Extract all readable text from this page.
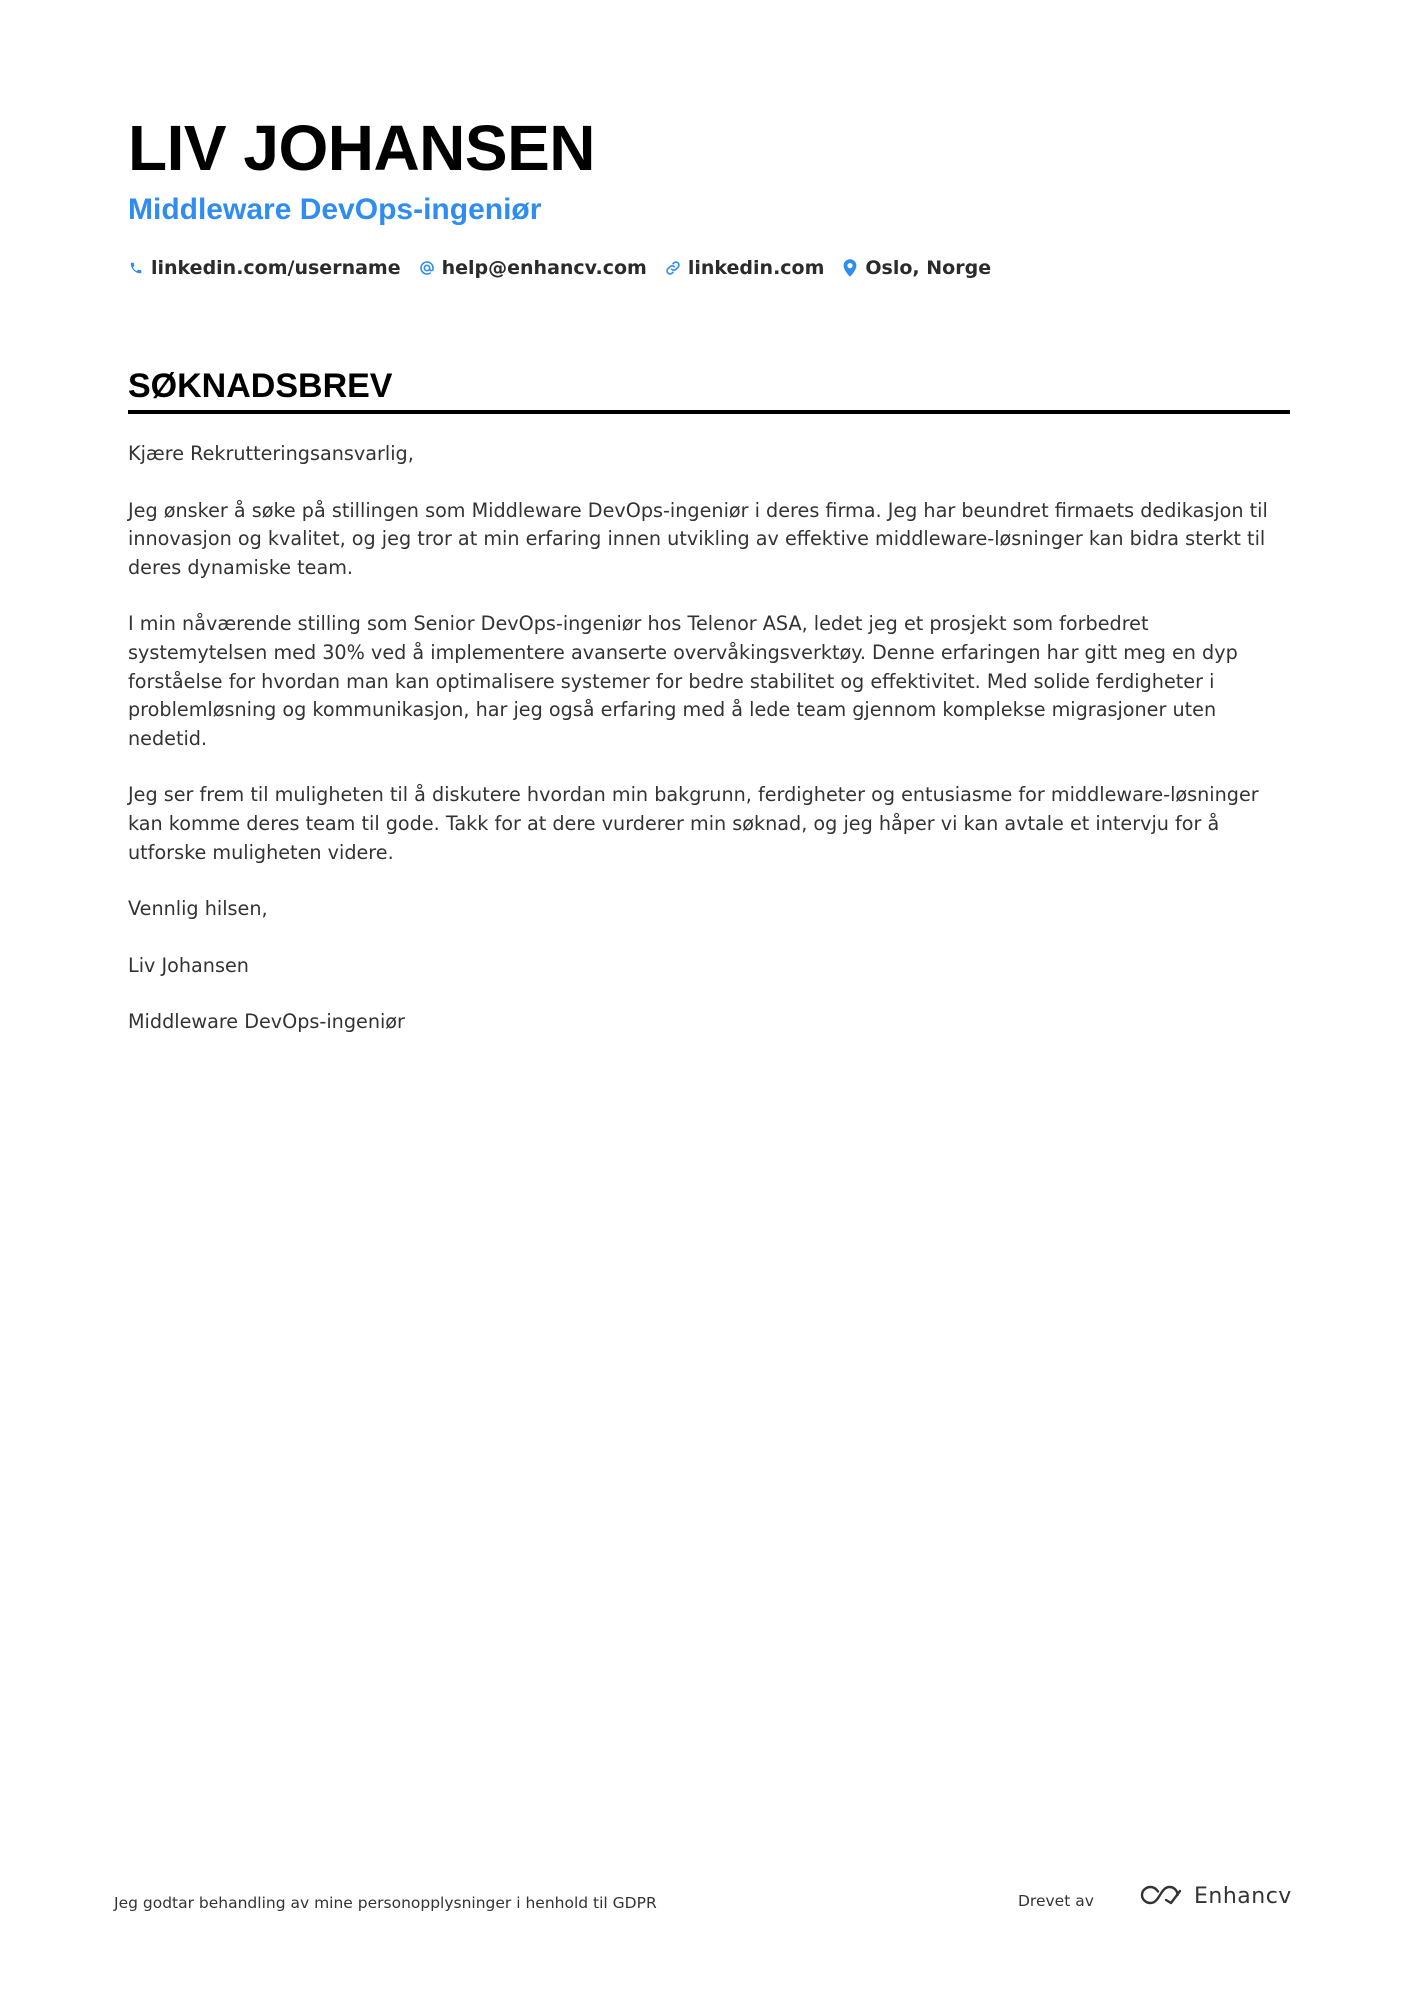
LIV JOHANSEN
Middleware DevOps-ingeniør
linkedin.com/username help@enhancv.com linkedin.com Oslo, Norge
SØKNADSBREV

Kjære Rekrutteringsansvarlig,

Jeg ønsker å søke på stillingen som Middleware DevOps-ingeniør i deres firma. Jeg har beundret firmaets dedikasjon til innovasjon og kvalitet, og jeg tror at min erfaring innen utvikling av effektive middleware-løsninger kan bidra sterkt til deres dynamiske team.

I min nåværende stilling som Senior DevOps-ingeniør hos Telenor ASA, ledet jeg et prosjekt som forbedret systemytelsen med 30% ved å implementere avanserte overvåkingsverktøy. Denne erfaringen har gitt meg en dyp forståelse for hvordan man kan optimalisere systemer for bedre stabilitet og effektivitet. Med solide ferdigheter i problemløsning og kommunikasjon, har jeg også erfaring med å lede team gjennom komplekse migrasjoner uten nedetid.

Jeg ser frem til muligheten til å diskutere hvordan min bakgrunn, ferdigheter og entusiasme for middleware-løsninger kan komme deres team til gode. Takk for at dere vurderer min søknad, og jeg håper vi kan avtale et intervju for å utforske muligheten videre.

Vennlig hilsen,

Liv Johansen

Middleware DevOps-ingeniør

Jeg godtar behandling av mine personopplysninger i henhold til GDPR	Drevet av	Enhancv
